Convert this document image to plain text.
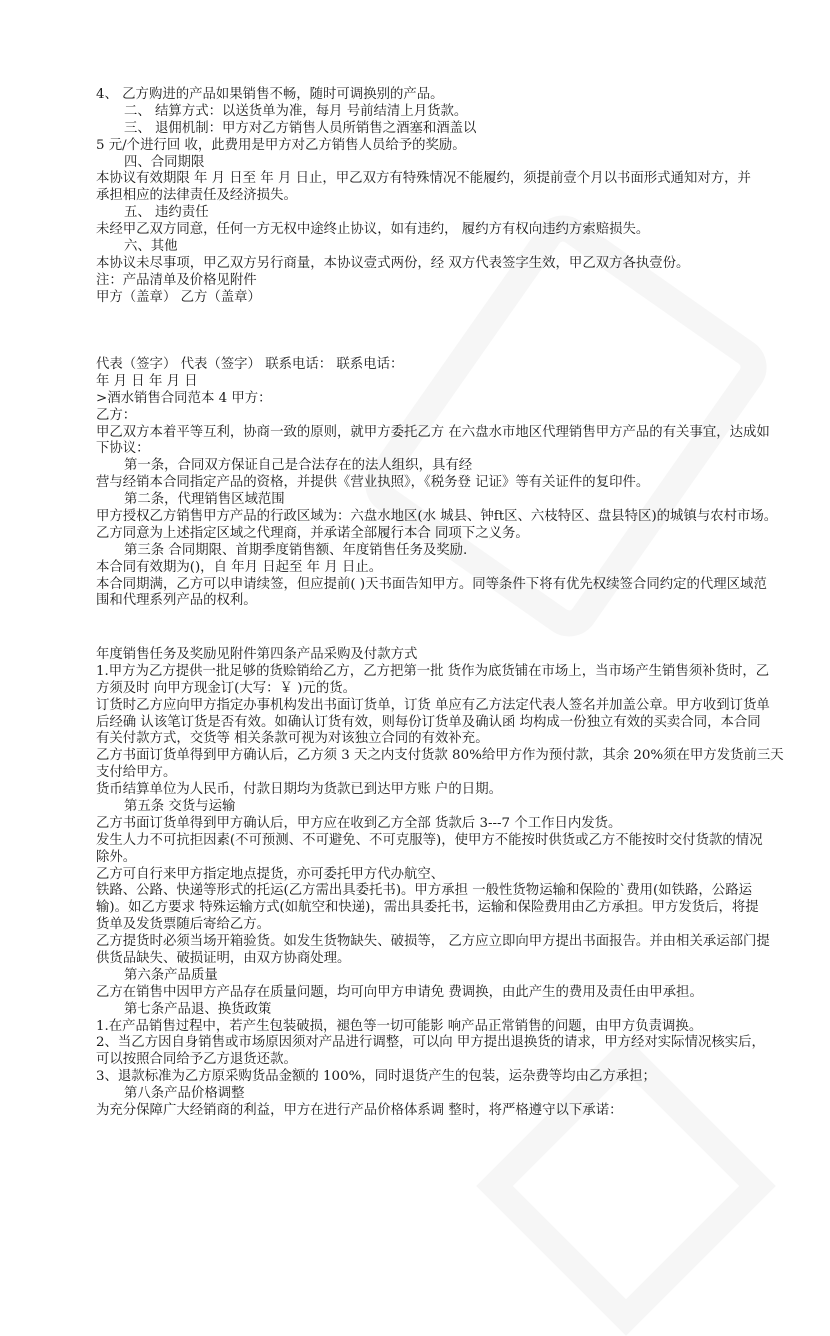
4、 乙方购进的产品如果销售不畅，随时可调换别的产品。
二、 结算方式：以送货单为准，每月 号前结清上月货款。
三、 退佣机制：甲方对乙方销售人员所销售之酒塞和酒盖以
5 元/个进行回 收，此费用是甲方对乙方销售人员给予的奖励。
四、合同期限
本协议有效期限 年 月 日至 年 月 日止，甲乙双方有特殊情况不能履约，须提前壹个月以书面形式通知对方，并
承担相应的法律责任及经济损失。
五、 违约责任
未经甲乙双方同意，任何一方无权中途终止协议，如有违约， 履约方有权向违约方索赔损失。
六、其他
本协议未尽事项，甲乙双方另行商量，本协议壹式两份，经 双方代表签字生效，甲乙双方各执壹份。
注：产品清单及价格见附件
甲方（盖章） 乙方（盖章）
代表（签字） 代表（签字） 联系电话： 联系电话：
年 月 日 年 月 日
>酒水销售合同范本 4 甲方：
乙方：
甲乙双方本着平等互利，协商一致的原则，就甲方委托乙方 在六盘水市地区代理销售甲方产品的有关事宜，达成如
下协议：
第一条，合同双方保证自己是合法存在的法人组织，具有经
营与经销本合同指定产品的资格，并提供《营业执照》，《税务登 记证》等有关证件的复印件。
第二条，代理销售区域范围
甲方授权乙方销售甲方产品的行政区域为：六盘水地区(水 城县、钟ft区、六枝特区、盘县特区)的城镇与农村市场。
乙方同意为上述指定区域之代理商，并承诺全部履行本合 同项下之义务。
第三条 合同期限、首期季度销售额、年度销售任务及奖励.
本合同有效期为()，自 年月 日起至 年 月 日止。
本合同期满，乙方可以申请续签，但应提前( )天书面告知甲方。同等条件下将有优先权续签合同约定的代理区域范
围和代理系列产品的权利。
年度销售任务及奖励见附件第四条产品采购及付款方式
1.甲方为乙方提供一批足够的货赊销给乙方，乙方把第一批 货作为底货铺在市场上，当市场产生销售须补货时，乙
方须及时 向甲方现金订(大写：￥ )元的货。
订货时乙方应向甲方指定办事机构发出书面订货单，订货 单应有乙方法定代表人签名并加盖公章。甲方收到订货单
后经确 认该笔订货是否有效。如确认订货有效，则每份订货单及确认函 均构成一份独立有效的买卖合同，本合同
有关付款方式，交货等 相关条款可视为对该独立合同的有效补充。
乙方书面订货单得到甲方确认后，乙方须 3 天之内支付货款 80%给甲方作为预付款，其余 20%须在甲方发货前三天
支付给甲方。
货币结算单位为人民币，付款日期均为货款已到达甲方账 户的日期。
第五条 交货与运输
乙方书面订货单得到甲方确认后，甲方应在收到乙方全部 货款后 3---7 个工作日内发货。
发生人力不可抗拒因素(不可预测、不可避免、不可克服等)，使甲方不能按时供货或乙方不能按时交付货款的情况
除外。
乙方可自行来甲方指定地点提货，亦可委托甲方代办航空、
铁路、公路、快递等形式的托运(乙方需出具委托书)。甲方承担 一般性货物运输和保险的`费用(如铁路，公路运
输)。如乙方要求 特殊运输方式(如航空和快递)，需出具委托书，运输和保险费用由乙方承担。甲方发货后，将提
货单及发货票随后寄给乙方。
乙方提货时必须当场开箱验货。如发生货物缺失、破损等， 乙方应立即向甲方提出书面报告。并由相关承运部门提
供货品缺失、破损证明，由双方协商处理。
第六条产品质量
乙方在销售中因甲方产品存在质量问题，均可向甲方申请免 费调换，由此产生的费用及责任由甲承担。
第七条产品退、换货政策
1.在产品销售过程中，若产生包装破损，褪色等一切可能影 响产品正常销售的问题，由甲方负责调换。
2、当乙方因自身销售或市场原因须对产品进行调整，可以向 甲方提出退换货的请求，甲方经对实际情况核实后，
可以按照合同给予乙方退货还款。
3、退款标准为乙方原采购货品金额的 100%，同时退货产生的包装，运杂费等均由乙方承担；
第八条产品价格调整
为充分保障广大经销商的利益，甲方在进行产品价格体系调 整时，将严格遵守以下承诺：
